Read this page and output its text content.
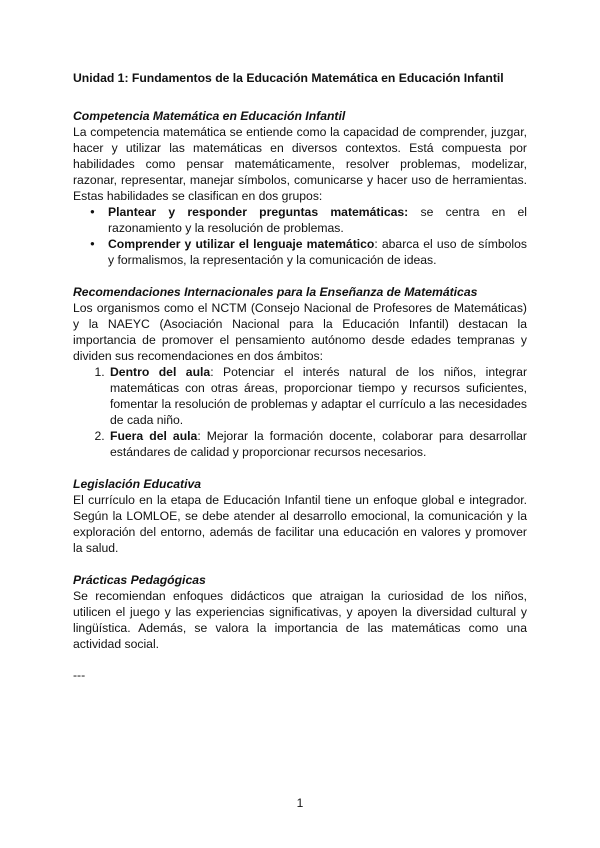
Unidad 1: Fundamentos de la Educación Matemática en Educación Infantil
Competencia Matemática en Educación Infantil

La competencia matemática se entiende como la capacidad de comprender, juzgar, hacer y utilizar las matemáticas en diversos contextos. Está compuesta por habilidades como pensar matemáticamente, resolver problemas, modelizar, razonar, representar, manejar símbolos, comunicarse y hacer uso de herramientas. Estas habilidades se clasifican en dos grupos:

● Plantear y responder preguntas matemáticas: se centra en el razonamiento y la resolución de problemas.
● Comprender y utilizar el lenguaje matemático: abarca el uso de símbolos y formalismos, la representación y la comunicación de ideas.
Recomendaciones Internacionales para la Enseñanza de Matemáticas

Los organismos como el NCTM (Consejo Nacional de Profesores de Matemáticas) y la NAEYC (Asociación Nacional para la Educación Infantil) destacan la importancia de promover el pensamiento autónomo desde edades tempranas y dividen sus recomendaciones en dos ámbitos:

1. Dentro del aula: Potenciar el interés natural de los niños, integrar matemáticas con otras áreas, proporcionar tiempo y recursos suficientes, fomentar la resolución de problemas y adaptar el currículo a las necesidades de cada niño.
2. Fuera del aula: Mejorar la formación docente, colaborar para desarrollar estándares de calidad y proporcionar recursos necesarios.
Legislación Educativa

El currículo en la etapa de Educación Infantil tiene un enfoque global e integrador. Según la LOMLOE, se debe atender al desarrollo emocional, la comunicación y la exploración del entorno, además de facilitar una educación en valores y promover la salud.

Prácticas Pedagógicas

Se recomiendan enfoques didácticos que atraigan la curiosidad de los niños, utilicen el juego y las experiencias significativas, y apoyen la diversidad cultural y lingüística. Además, se valora la importancia de las matemáticas como una actividad social.

---
1
